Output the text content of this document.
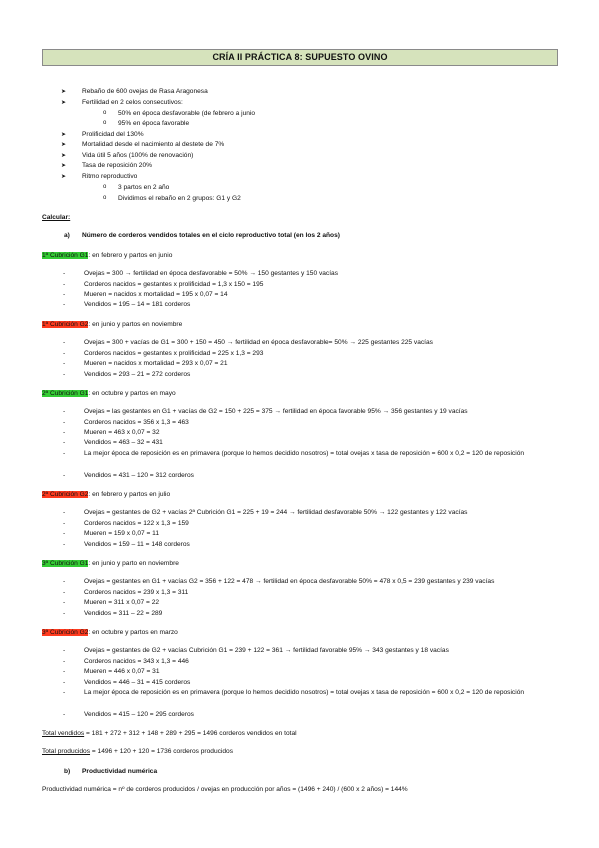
CRÍA II PRÁCTICA 8: SUPUESTO OVINO
➤ Rebaño de 600 ovejas de Rasa Aragonesa
➤ Fertilidad en 2 celos consecutivos:
o 50% en época desfavorable (de febrero a junio
o 95% en época favorable
➤ Prolificidad del 130%
➤ Mortalidad desde el nacimiento al destete de 7%
➤ Vida útil 5 años (100% de renovación)
➤ Tasa de reposición 20%
➤ Ritmo reproductivo
o 3 partos en 2 año
o Dividimos el rebaño en 2 grupos: G1 y G2
Calcular:
a) Número de corderos vendidos totales en el ciclo reproductivo total (en los 2 años)
1ª Cubrición G1: en febrero y partos en junio
- Ovejas = 300 → fertilidad en época desfavorable = 50% → 150 gestantes y 150 vacías
- Corderos nacidos = gestantes x prolificidad = 1,3 x 150 = 195
- Mueren = nacidos x mortalidad = 195 x 0,07 = 14
- Vendidos = 195 – 14 = 181 corderos
1ª Cubrición G2: en junio y partos en noviembre
- Ovejas = 300 + vacías de G1 = 300 + 150 = 450 → fertilidad en época desfavorable= 50% → 225 gestantes 225 vacías
- Corderos nacidos = gestantes x prolificidad = 225 x 1,3 = 293
- Mueren = nacidos x mortalidad = 293 x 0,07 = 21
- Vendidos = 293 – 21 = 272 corderos
2ª Cubrición G1: en octubre y partos en mayo
- Ovejas = las gestantes en G1 + vacías de G2 = 150 + 225 = 375 → fertilidad en época favorable 95% → 356 gestantes y 19 vacías
- Corderos nacidos = 356 x 1,3 = 463
- Mueren = 463 x 0,07 = 32
- Vendidos = 463 – 32 = 431
- La mejor época de reposición es en primavera (porque lo hemos decidido nosotros) = total ovejas x tasa de reposición = 600 x 0,2 = 120 de reposición
- Vendidos = 431 – 120 = 312 corderos
2ª Cubrición G2: en febrero y partos en julio
- Ovejas = gestantes de G2 + vacías 2ª Cubrición G1 = 225 + 19 = 244 → fertilidad desfavorable 50% → 122 gestantes y 122 vacías
- Corderos nacidos = 122 x 1,3 = 159
- Mueren = 159 x 0,07 = 11
- Vendidos = 159 – 11 = 148 corderos
3ª Cubrición G1: en junio y parto en noviembre
- Ovejas = gestantes en G1 + vacías G2 = 356 + 122 = 478 → fertilidad en época desfavorable 50% = 478 x 0,5 = 239 gestantes y 239 vacías
- Corderos nacidos = 239 x 1,3 = 311
- Mueren = 311 x 0,07 = 22
- Vendidos = 311 – 22 = 289
3ª Cubrición G2: en octubre y partos en marzo
- Ovejas = gestantes de G2 + vacías Cubrición G1 = 239 + 122 = 361 → fertilidad favorable 95% → 343 gestantes y 18 vacías
- Corderos nacidos = 343 x 1,3 = 446
- Mueren = 446 x 0,07 = 31
- Vendidos = 446 – 31 = 415 corderos
- La mejor época de reposición es en primavera (porque lo hemos decidido nosotros) = total ovejas x tasa de reposición = 600 x 0,2 = 120 de reposición
- Vendidos = 415 – 120 = 295 corderos
Total vendidos = 181 + 272 + 312 + 148 + 289 + 295 = 1496 corderos vendidos en total
Total producidos = 1496 + 120 + 120 = 1736 corderos producidos
b) Productividad numérica
Productividad numérica = nº de corderos producidos / ovejas en producción por años = (1496 + 240) / (600 x 2 años) = 144%
